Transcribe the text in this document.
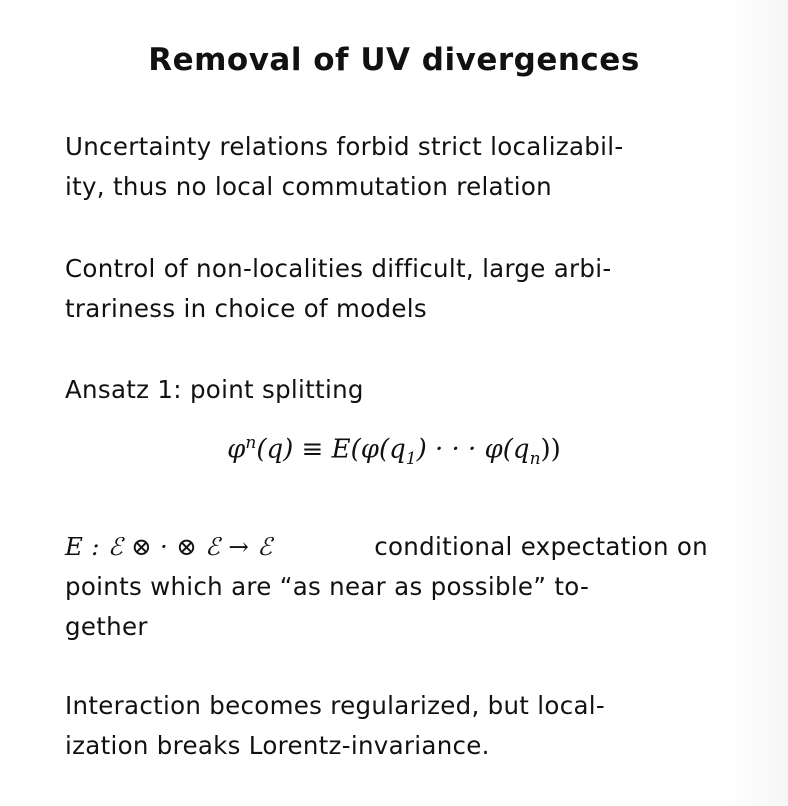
Removal of UV divergences

Uncertainty relations forbid strict localizabil-
ity, thus no local commutation relation

Control of non-localities difficult, large arbi-
trariness in choice of models

Ansatz 1: point splitting

$\varphi^n(q) \equiv E(\varphi(q_1)$ · · · $\varphi(q_n)$)

E : ℰ ⊗ · ⊗ ℰ → ℰ	conditional expectation on
points which are “as near as possible” to-
gether

Interaction becomes regularized, but local-
ization breaks Lorentz-invariance.
